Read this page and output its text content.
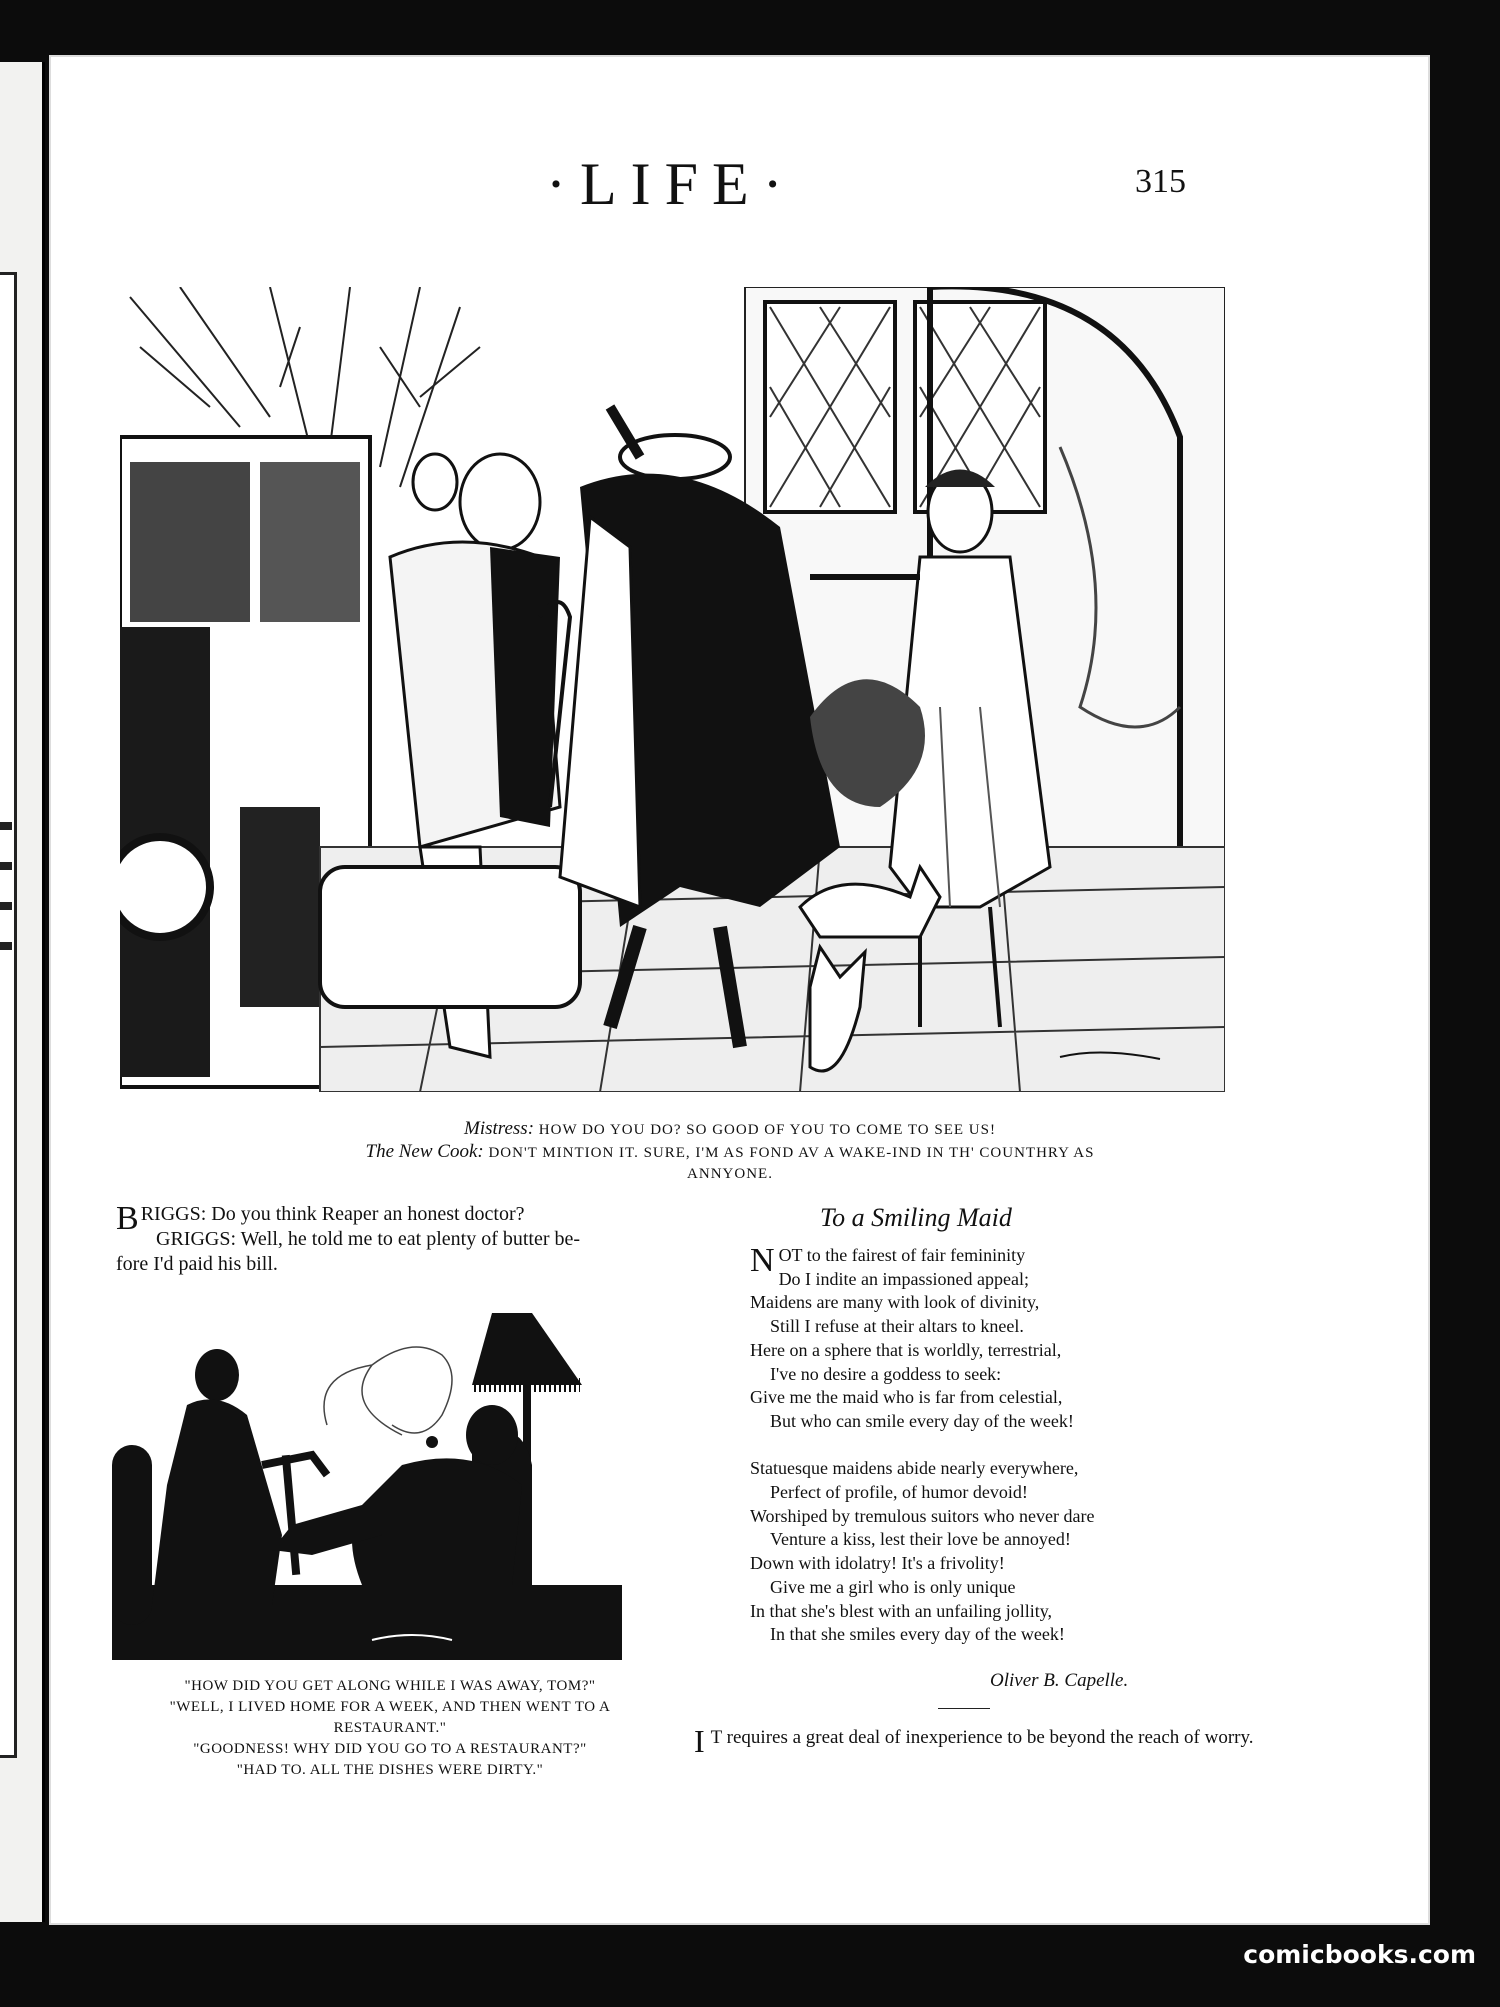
·LIFE·	315
Mistress: HOW DO YOU DO? SO GOOD OF YOU TO COME TO SEE US!
The New Cook: DON'T MINTION IT. SURE, I'M AS FOND AV A WAKE-IND IN TH' COUNTHRY AS
ANNYONE.
B RIGGS: Do you think Reaper an honest doctor?
GRIGGS: Well, he told me to eat plenty of butter be-
fore I'd paid his bill.
"HOW DID YOU GET ALONG WHILE I WAS AWAY, TOM?"
"WELL, I LIVED HOME FOR A WEEK, AND THEN WENT TO A
RESTAURANT."
"GOODNESS! WHY DID YOU GO TO A RESTAURANT?"
"HAD TO. ALL THE DISHES WERE DIRTY."
To a Smiling Maid
N OT to the fairest of fair femininity
Do I indite an impassioned appeal;
Maidens are many with look of divinity,
Still I refuse at their altars to kneel.
Here on a sphere that is worldly, terrestrial,
I've no desire a goddess to seek:
Give me the maid who is far from celestial,
But who can smile every day of the week!
Statuesque maidens abide nearly everywhere,
Perfect of profile, of humor devoid!
Worshiped by tremulous suitors who never dare
Venture a kiss, lest their love be annoyed!
Down with idolatry! It's a frivolity!
Give me a girl who is only unique
In that she's blest with an unfailing jollity,
In that she smiles every day of the week!
Oliver B. Capelle.
I T requires a great deal of inexperience to be beyond the reach of worry.
comicbooks.com
